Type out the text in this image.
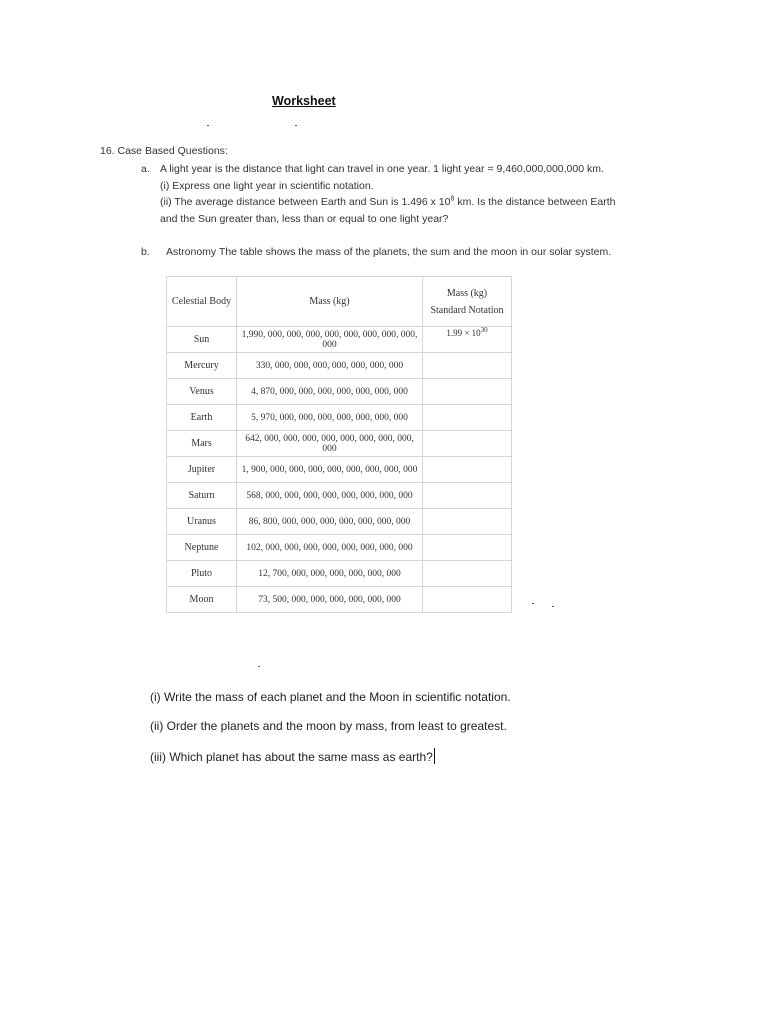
Worksheet
16. Case Based Questions:
a. A light year is the distance that light can travel in one year. 1 light year = 9,460,000,000,000 km.
(i) Express one light year in scientific notation.
(ii) The average distance between Earth and Sun is 1.496 x $10^8$ km. Is the distance between Earth
and the Sun greater than, less than or equal to one light year?
b. Astronomy The table shows the mass of the planets, the sum and the moon in our solar system.
Celestial Body	Mass (kg)	Mass (kg)
Standard Notation

Sun	1,990, 000, 000, 000, 000, 000, 000, 000, 000, 000	$1.99 \times 10^{30}$
Mercury	330, 000, 000, 000, 000, 000, 000, 000	
Venus	4, 870, 000, 000, 000, 000, 000, 000, 000	
Earth	5, 970, 000, 000, 000, 000, 000, 000, 000	
Mars	642, 000, 000, 000, 000, 000, 000, 000, 000, 000	
Jupiter	1, 900, 000, 000, 000, 000, 000, 000, 000, 000	
Saturn	568, 000, 000, 000, 000, 000, 000, 000, 000	
Uranus	86, 800, 000, 000, 000, 000, 000, 000, 000	
Neptune	102, 000, 000, 000, 000, 000, 000, 000, 000	
Pluto	12, 700, 000, 000, 000, 000, 000, 000	
Moon	73, 500, 000, 000, 000, 000, 000, 000	
(i) Write the mass of each planet and the Moon in scientific notation.
(ii) Order the planets and the moon by mass, from least to greatest.
(iii) Which planet has about the same mass as earth?
